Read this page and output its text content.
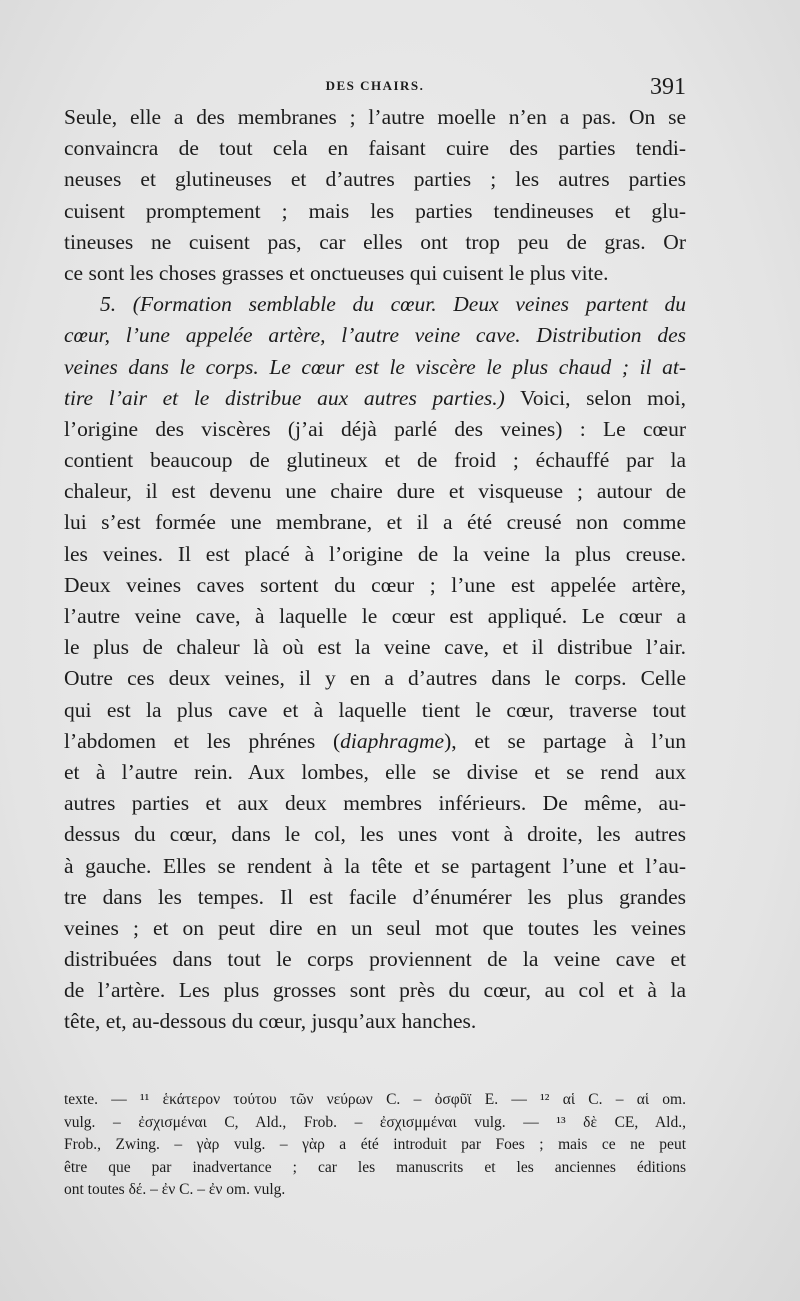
DES CHAIRS.	391
Seule, elle a des membranes ; l’autre moelle n’en a pas. On se
convaincra de tout cela en faisant cuire des parties tendi-
neuses et glutineuses et d’autres parties ; les autres parties
cuisent promptement ; mais les parties tendineuses et glu-
tineuses ne cuisent pas, car elles ont trop peu de gras. Or
ce sont les choses grasses et onctueuses qui cuisent le plus vite.
5. (Formation semblable du cœur. Deux veines partent du
cœur, l’une appelée artère, l’autre veine cave. Distribution des
veines dans le corps. Le cœur est le viscère le plus chaud ; il at-
tire l’air et le distribue aux autres parties.) Voici, selon moi,
l’origine des viscères (j’ai déjà parlé des veines) : Le cœur
contient beaucoup de glutineux et de froid ; échauffé par la
chaleur, il est devenu une chaire dure et visqueuse ; autour de
lui s’est formée une membrane, et il a été creusé non comme
les veines. Il est placé à l’origine de la veine la plus creuse.
Deux veines caves sortent du cœur ; l’une est appelée artère,
l’autre veine cave, à laquelle le cœur est appliqué. Le cœur a
le plus de chaleur là où est la veine cave, et il distribue l’air.
Outre ces deux veines, il y en a d’autres dans le corps. Celle
qui est la plus cave et à laquelle tient le cœur, traverse tout
l’abdomen et les phrénes (diaphragme), et se partage à l’un
et à l’autre rein. Aux lombes, elle se divise et se rend aux
autres parties et aux deux membres inférieurs. De même, au-
dessus du cœur, dans le col, les unes vont à droite, les autres
à gauche. Elles se rendent à la tête et se partagent l’une et l’au-
tre dans les tempes. Il est facile d’énumérer les plus grandes
veines ; et on peut dire en un seul mot que toutes les veines
distribuées dans tout le corps proviennent de la veine cave et
de l’artère. Les plus grosses sont près du cœur, au col et à la
tête, et, au-dessous du cœur, jusqu’aux hanches.
texte. — ¹¹ ἑκάτερον τούτου τῶν νεύρων C. – ὀσφῦϊ E. — ¹² αἱ C. – αἱ om.
vulg. – ἐσχισμέναι C, Ald., Frob. – ἐσχισμμέναι vulg. — ¹³ δὲ CE, Ald.,
Frob., Zwing. – γὰρ vulg. – γὰρ a été introduit par Foes ; mais ce ne peut
être que par inadvertance ; car les manuscrits et les anciennes éditions
ont toutes δέ. – ἐν C. – ἐν om. vulg.
